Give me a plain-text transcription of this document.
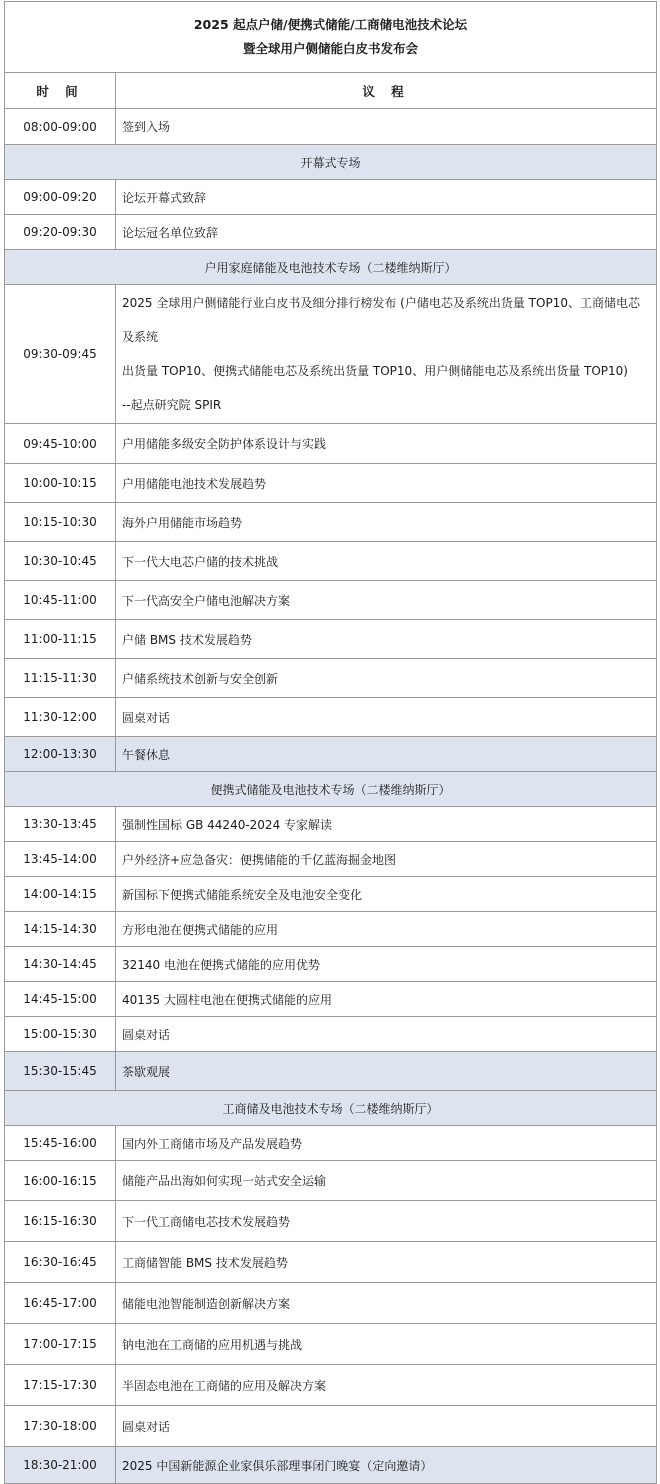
2025 起点户储/便携式储能/工商储电池技术论坛
暨全球用户侧储能白皮书发布会	

时 间	议 程
08:00-09:00	签到入场
开幕式专场	
09:00-09:20	论坛开幕式致辞
09:20-09:30	论坛冠名单位致辞
户用家庭储能及电池技术专场（二楼维纳斯厅）	
09:30-09:45	2025 全球用户侧储能行业白皮书及细分排行榜发布 (户储电芯及系统出货量 TOP10、工商储电芯及系统
出货量 TOP10、便携式储能电芯及系统出货量 TOP10、用户侧储能电芯及系统出货量 TOP10)
--起点研究院 SPIR

09:45-10:00	户用储能多级安全防护体系设计与实践
10:00-10:15	户用储能电池技术发展趋势
10:15-10:30	海外户用储能市场趋势
10:30-10:45	下一代大电芯户储的技术挑战
10:45-11:00	下一代高安全户储电池解决方案
11:00-11:15	户储 BMS 技术发展趋势
11:15-11:30	户储系统技术创新与安全创新
11:30-12:00	圆桌对话
12:00-13:30	午餐休息
便携式储能及电池技术专场（二楼维纳斯厅）	
13:30-13:45	强制性国标 GB 44240-2024 专家解读
13:45-14:00	户外经济+应急备灾：便携储能的千亿蓝海掘金地图
14:00-14:15	新国标下便携式储能系统安全及电池安全变化
14:15-14:30	方形电池在便携式储能的应用
14:30-14:45	32140 电池在便携式储能的应用优势
14:45-15:00	40135 大圆柱电池在便携式储能的应用
15:00-15:30	圆桌对话
15:30-15:45	茶歇观展
工商储及电池技术专场（二楼维纳斯厅）	
15:45-16:00	国内外工商储市场及产品发展趋势
16:00-16:15	储能产品出海如何实现一站式安全运输
16:15-16:30	下一代工商储电芯技术发展趋势
16:30-16:45	工商储智能 BMS 技术发展趋势
16:45-17:00	储能电池智能制造创新解决方案
17:00-17:15	钠电池在工商储的应用机遇与挑战
17:15-17:30	半固态电池在工商储的应用及解决方案
17:30-18:00	圆桌对话
18:30-21:00	2025 中国新能源企业家俱乐部理事闭门晚宴（定向邀请）
